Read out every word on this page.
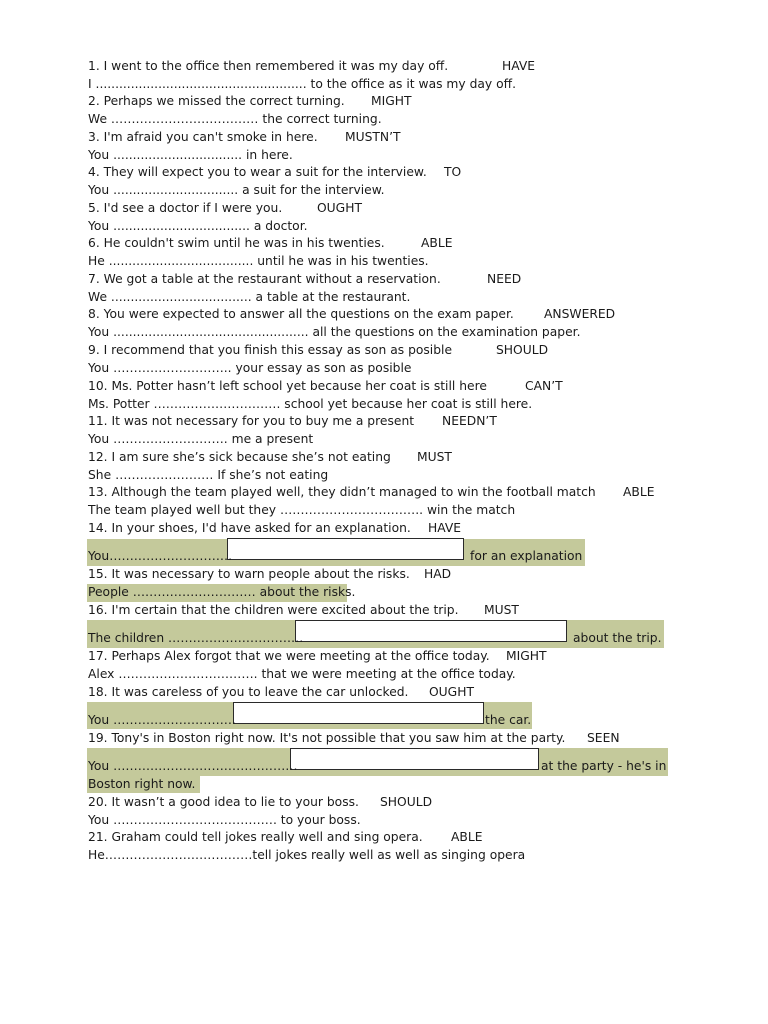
1. I went to the office then remembered it was my day off.	HAVE
I ...................................................... to the office as it was my day off.
2. Perhaps we missed the correct turning. MIGHT
We ……………………………… the correct turning.
3. I'm afraid you can't smoke in here. MUSTN’T
You ................................. in here.
4. They will expect you to wear a suit for the interview. TO
You ................................ a suit for the interview.
5. I'd see a doctor if I were you.	OUGHT
You ................................... a doctor.
6. He couldn't swim until he was in his twenties.	ABLE
He ..................................... until he was in his twenties.
7. We got a table at the restaurant without a reservation.	NEED
We .................................... a table at the restaurant.
8. You were expected to answer all the questions on the exam paper. ANSWERED
You .................................................. all the questions on the examination paper.
9. I recommend that you finish this essay as son as posible	SHOULD
You ……………………….. your essay as son as posible
10. Ms. Potter hasn’t left school yet because her coat is still here	CAN’T
Ms. Potter …………………………. school yet because her coat is still here.
11. It was not necessary for you to buy me a present NEEDN’T
You ………………………. me a present
12. I am sure she’s sick because she’s not eating MUST
She …………………… If she’s not eating
13. Although the team played well, they didn’t managed to win the football match ABLE
The team played well but they …………………………….. win the match
14. In your shoes, I'd have asked for an explanation. HAVE
You…………………………	for an explanation
15. It was necessary to warn people about the risks. HAD
People ………………………… about the risks.
16. I'm certain that the children were excited about the trip. MUST
The children ……………………………	about the trip.
17. Perhaps Alex forgot that we were meeting at the office today. MIGHT
Alex ……………………………. that we were meeting at the office today.
18. It was careless of you to leave the car unlocked. OUGHT
You …………………………	the car.
19. Tony's in Boston right now. It's not possible that you saw him at the party. SEEN
You ………………………………………	at the party - he's in
Boston right now.
20. It wasn’t a good idea to lie to your boss. SHOULD
You …………………………………. to your boss.
21. Graham could tell jokes really well and sing opera. ABLE
He………………………………tell jokes really well as well as singing opera
